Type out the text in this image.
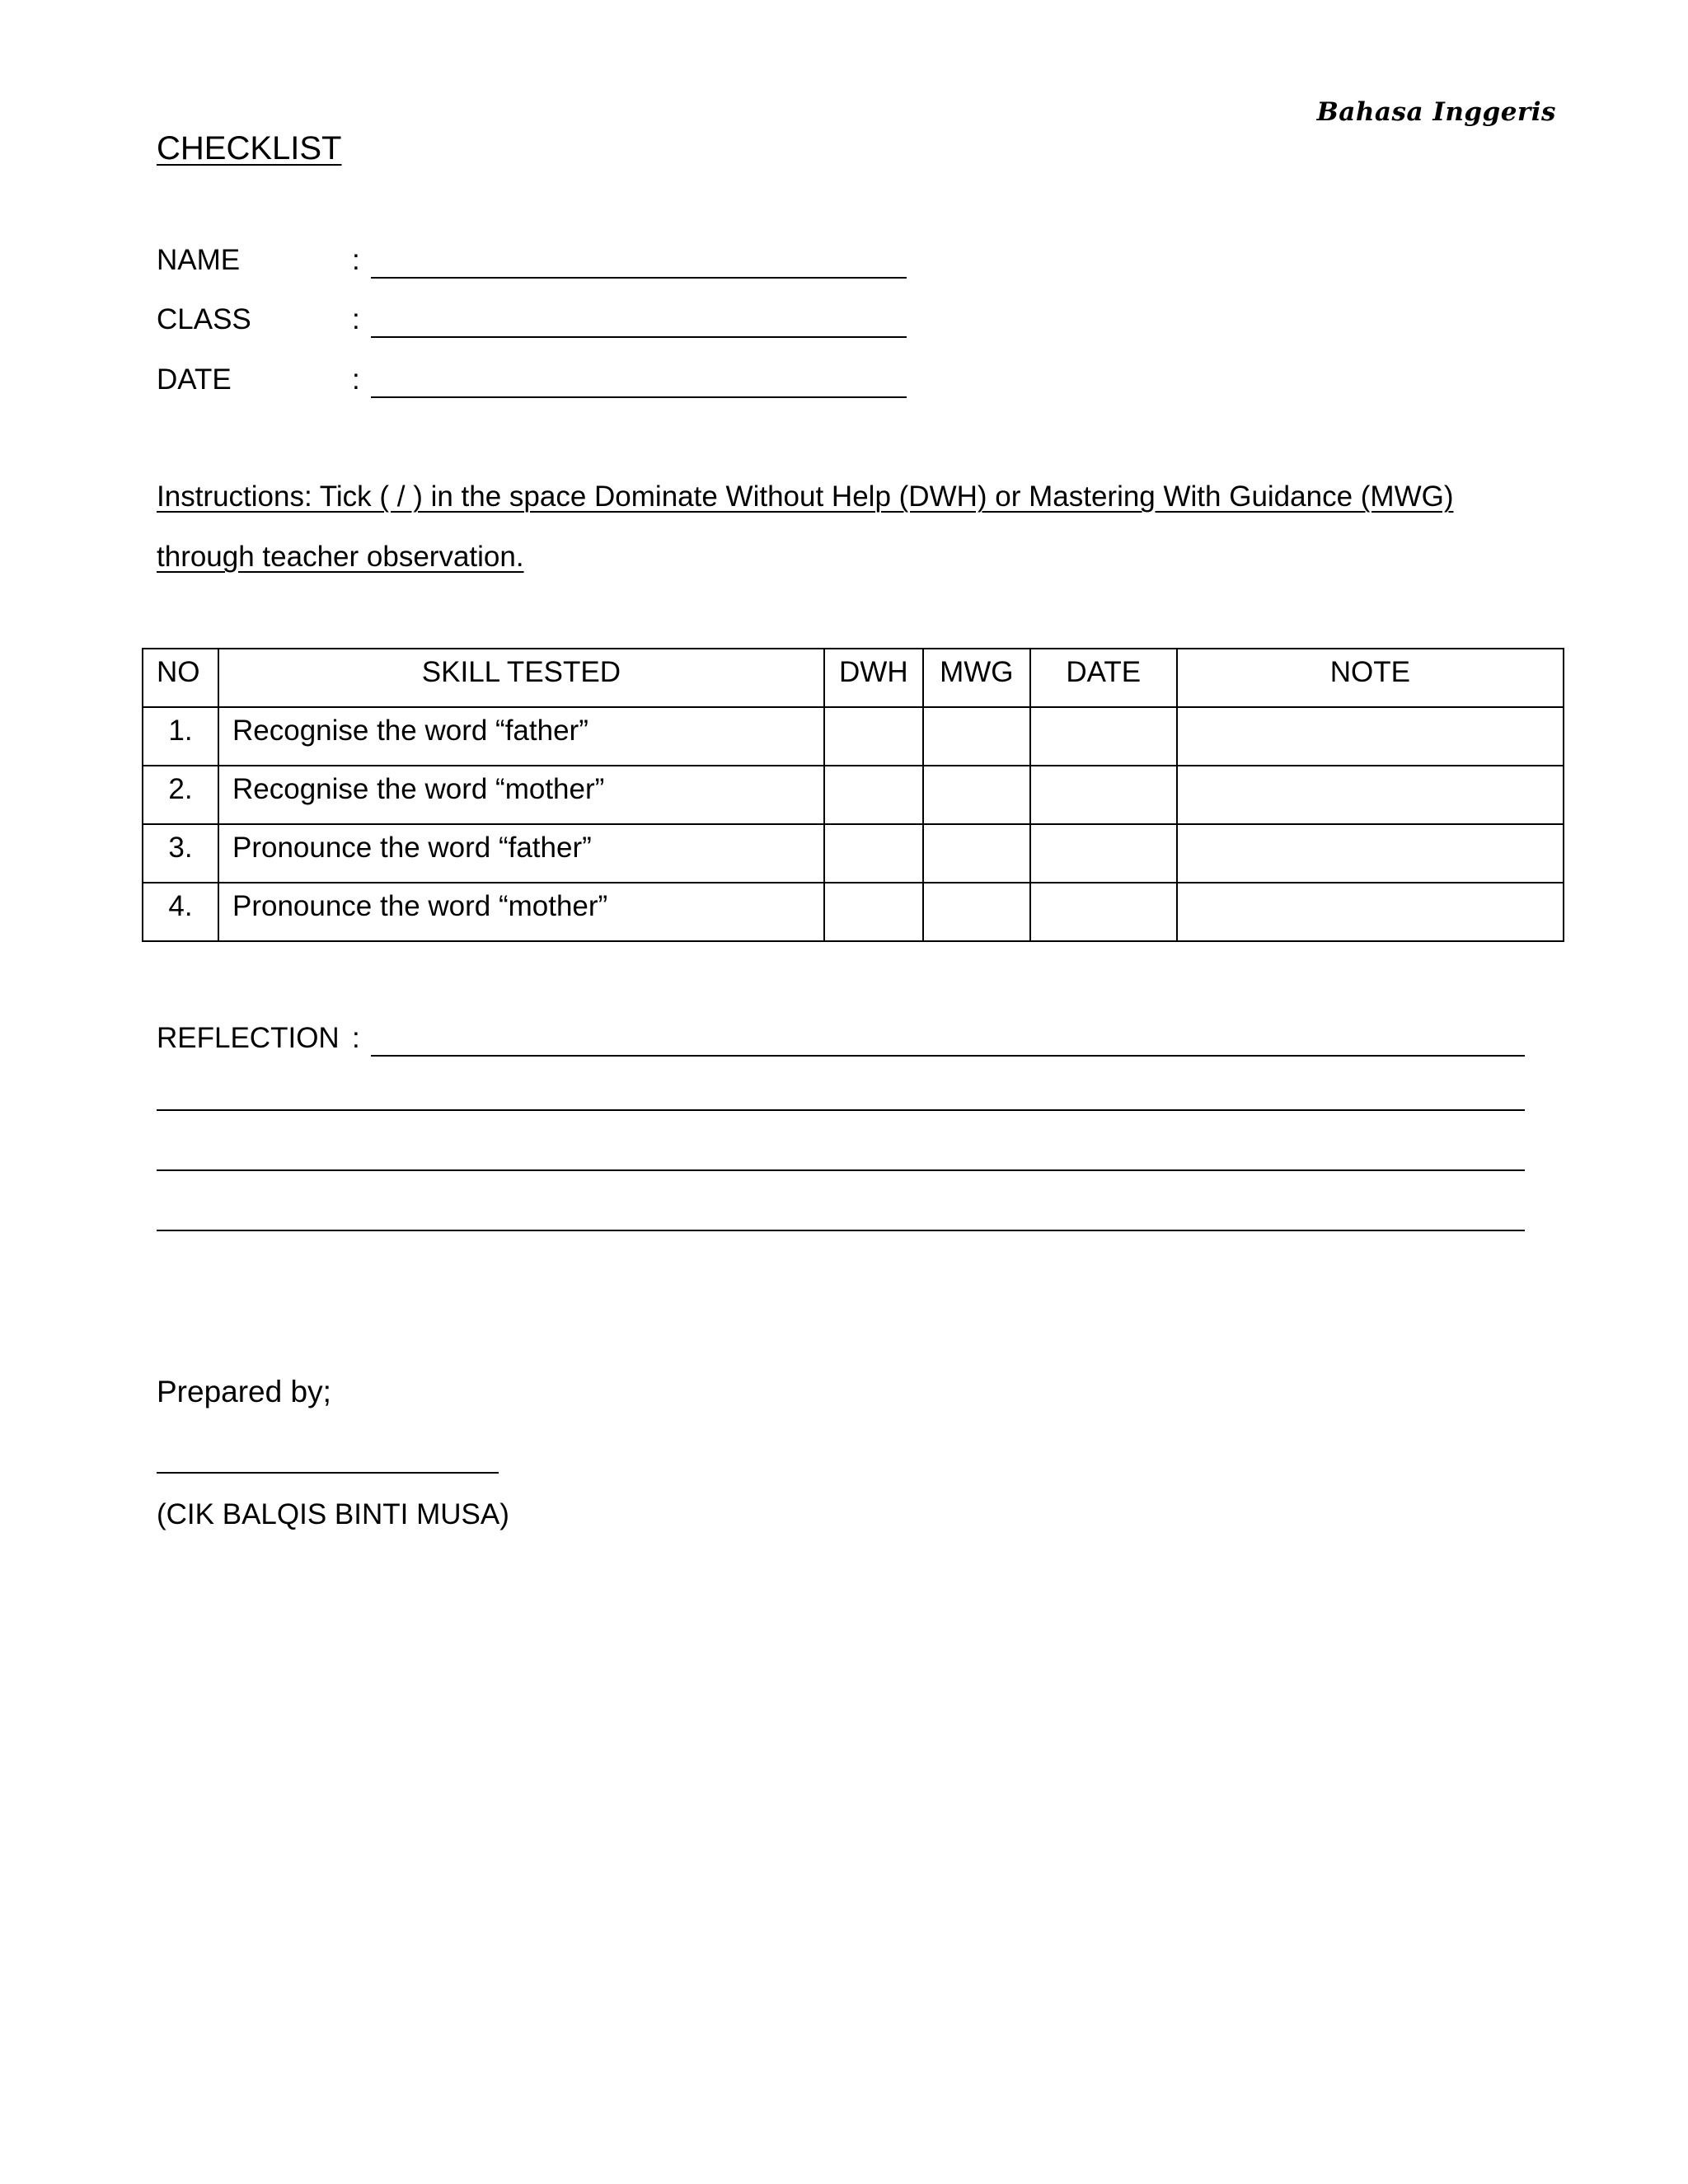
Bahasa Inggeris
CHECKLIST
NAME	:
CLASS	:
DATE	:
Instructions: Tick ( / ) in the space Dominate Without Help (DWH) or Mastering With Guidance (MWG) through teacher observation.
NO	SKILL TESTED	DWH	MWG	DATE	NOTE
1.	Recognise the word “father”				
2.	Recognise the word “mother”				
3.	Pronounce the word “father”				
4.	Pronounce the word “mother”				
REFLECTION :
Prepared by;
(CIK BALQIS BINTI MUSA)
